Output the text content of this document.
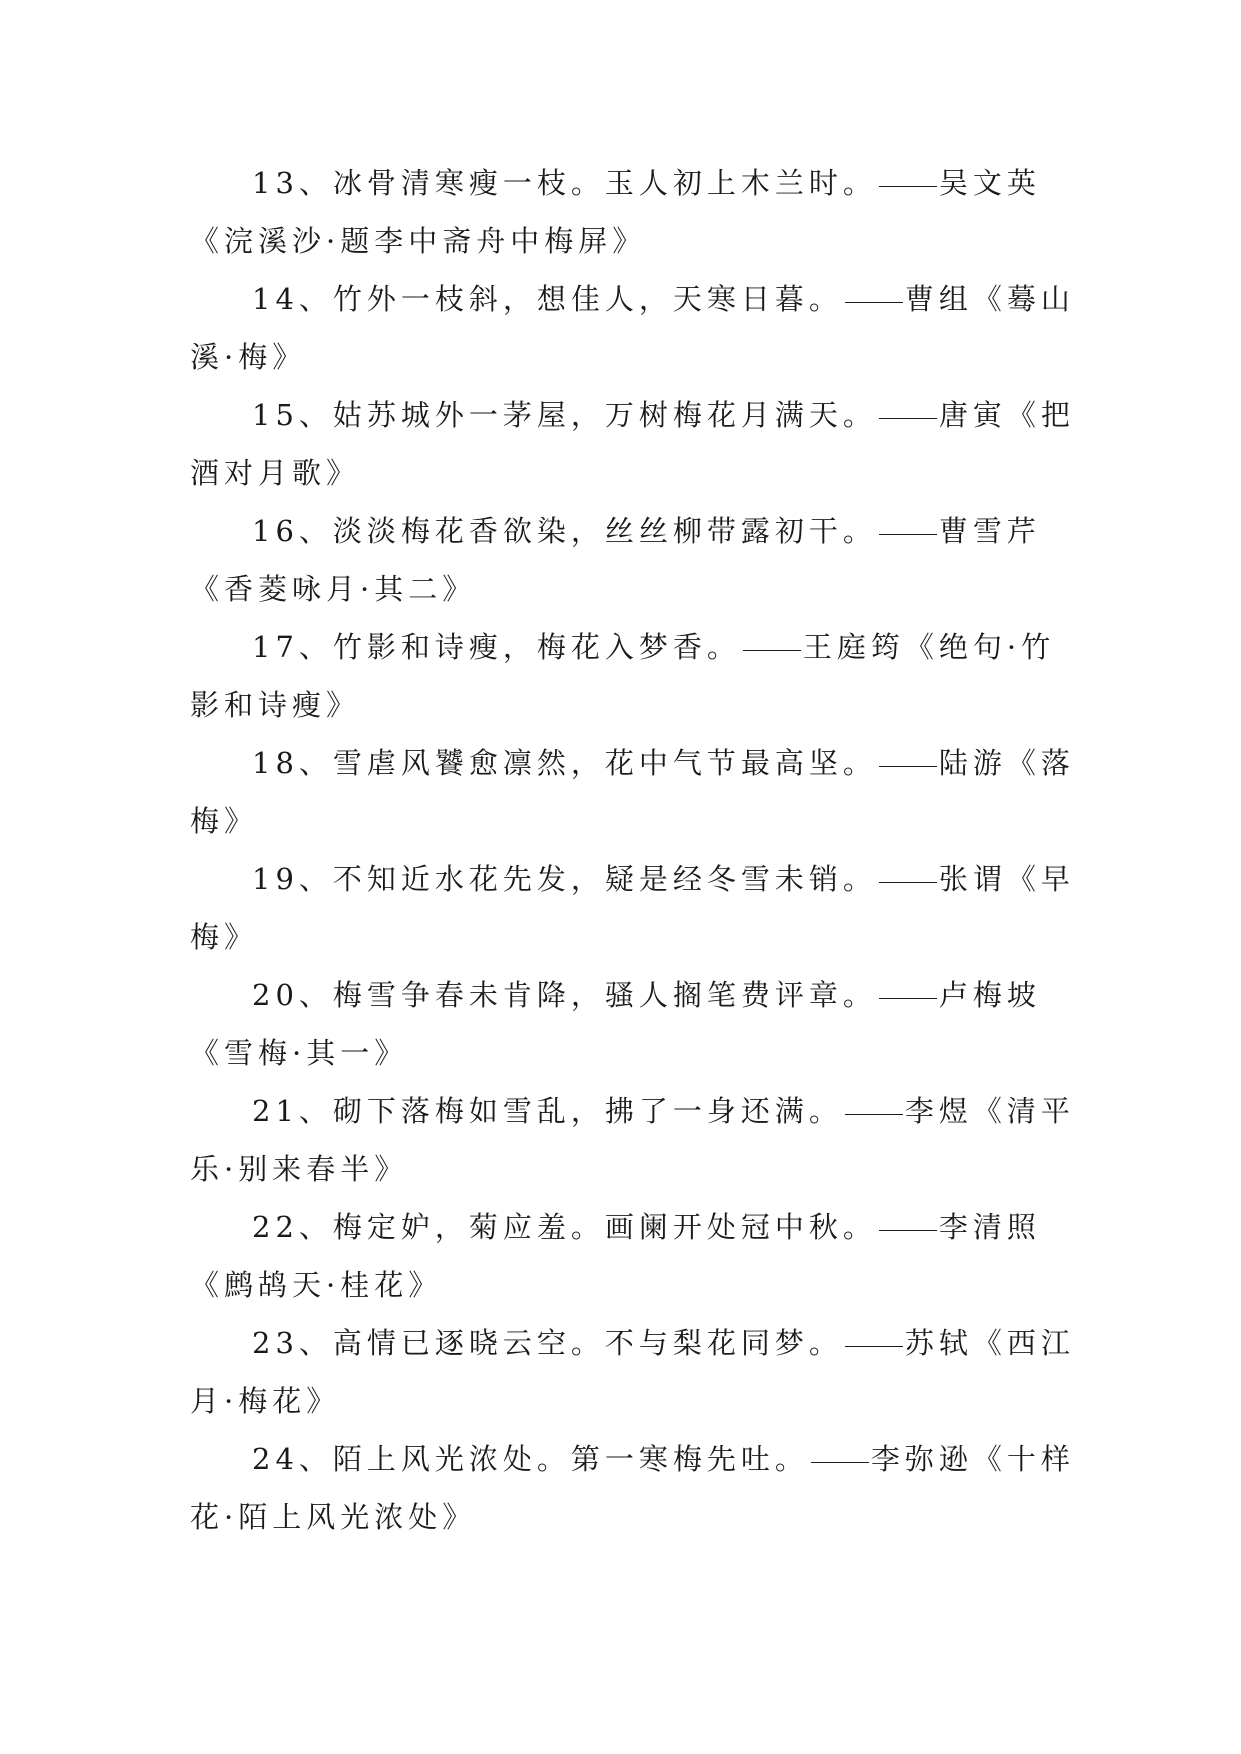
13、冰骨清寒瘦一枝。玉人初上木兰时。 吴文英
《浣溪沙·题李中斋舟中梅屏》
14、竹外一枝斜，想佳人，天寒日暮。 曹组《蓦山
溪·梅》
15、姑苏城外一茅屋，万树梅花月满天。 唐寅《把
酒对月歌》
16、淡淡梅花香欲染，丝丝柳带露初干。 曹雪芹
《香菱咏月·其二》
17、竹影和诗瘦，梅花入梦香。 王庭筠《绝句·竹
影和诗瘦》
18、雪虐风饕愈凛然，花中气节最高坚。 陆游《落
梅》
19、不知近水花先发，疑是经冬雪未销。 张谓《早
梅》
20、梅雪争春未肯降，骚人搁笔费评章。 卢梅坡
《雪梅·其一》
21、砌下落梅如雪乱，拂了一身还满。 李煜《清平
乐·别来春半》
22、梅定妒，菊应羞。画阑开处冠中秋。 李清照
《鹧鸪天·桂花》
23、高情已逐晓云空。不与梨花同梦。 苏轼《西江
月·梅花》
24、陌上风光浓处。第一寒梅先吐。 李弥逊《十样
花·陌上风光浓处》
